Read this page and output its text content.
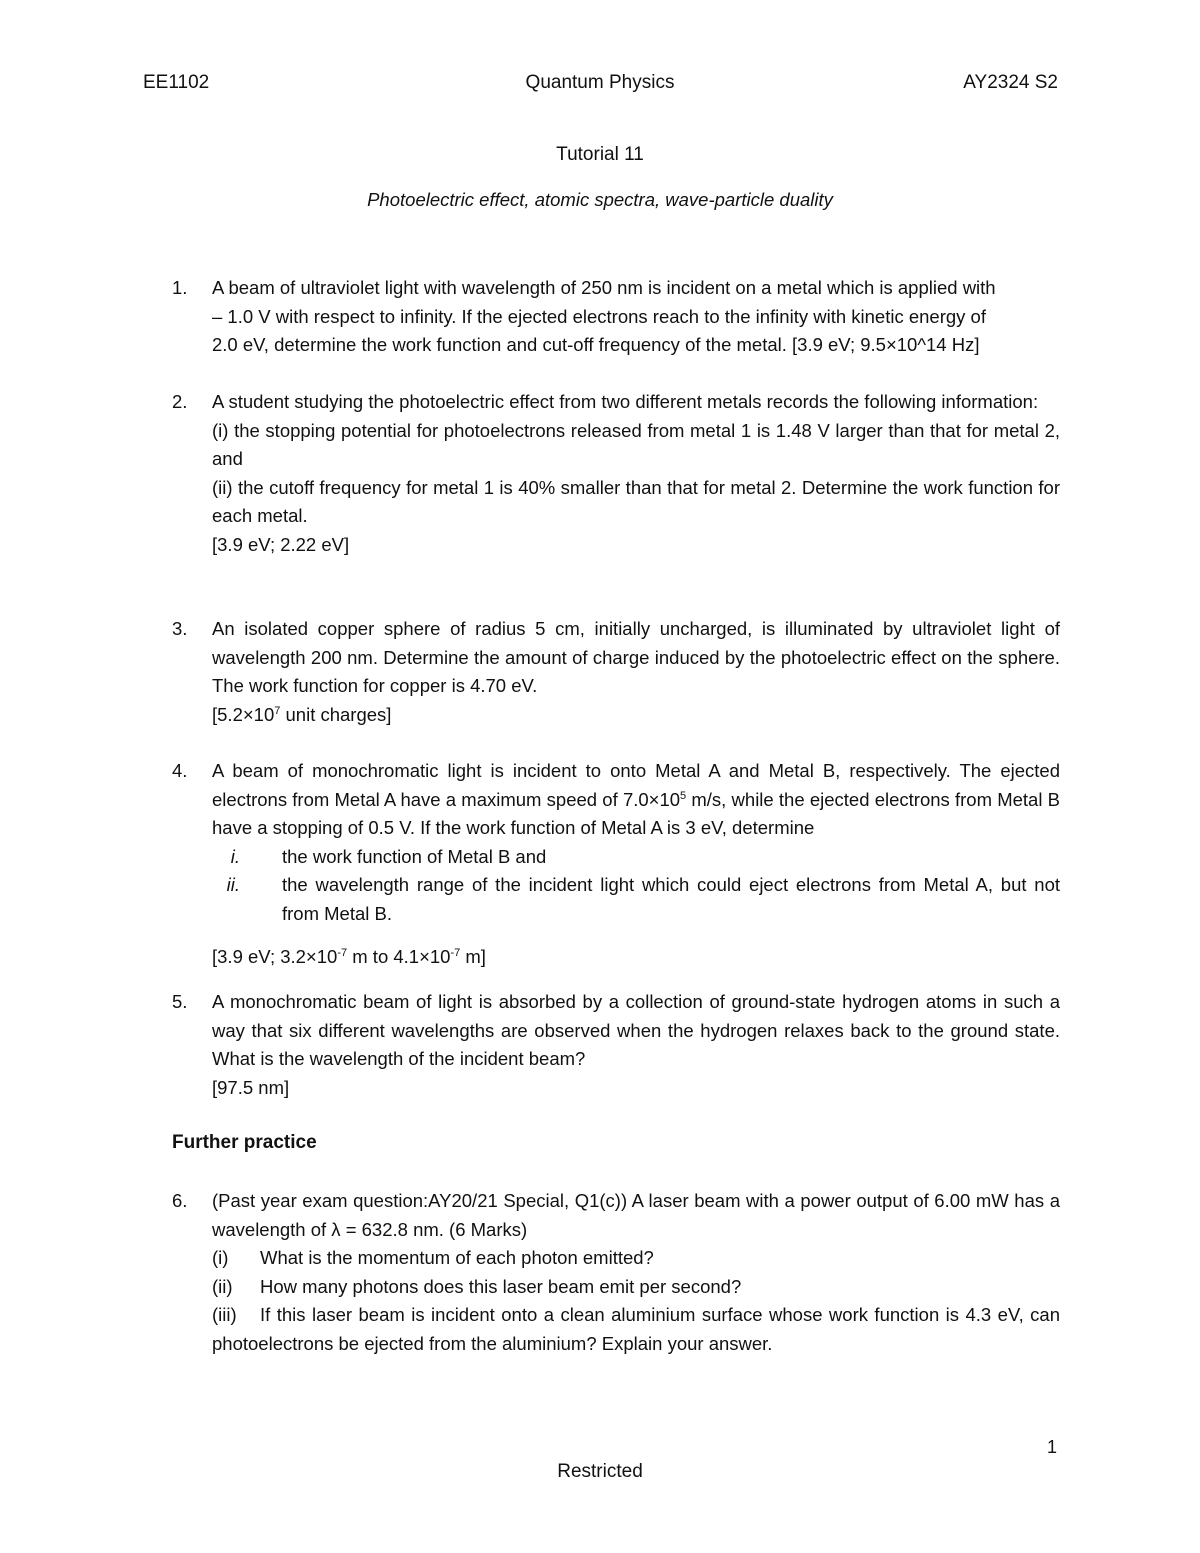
EE1102	Quantum Physics	AY2324 S2
Tutorial 11
Photoelectric effect, atomic spectra, wave-particle duality
1. A beam of ultraviolet light with wavelength of 250 nm is incident on a metal which is applied with
– 1.0 V with respect to infinity. If the ejected electrons reach to the infinity with kinetic energy of
2.0 eV, determine the work function and cut-off frequency of the metal. [3.9 eV; 9.5×10^14 Hz]
2. A student studying the photoelectric effect from two different metals records the following information:
(i) the stopping potential for photoelectrons released from metal 1 is 1.48 V larger than that for metal 2, and
(ii) the cutoff frequency for metal 1 is 40% smaller than that for metal 2. Determine the work function for each metal.
[3.9 eV; 2.22 eV]
3. An isolated copper sphere of radius 5 cm, initially uncharged, is illuminated by ultraviolet light of wavelength 200 nm. Determine the amount of charge induced by the photoelectric effect on the sphere. The work function for copper is 4.70 eV.
[$5.2\times 10^7$ unit charges]
4. A beam of monochromatic light is incident to onto Metal A and Metal B, respectively. The ejected electrons from Metal A have a maximum speed of $7.0\times 10^5$ m/s, while the ejected electrons from Metal B have a stopping of 0.5 V. If the work function of Metal A is 3 eV, determine
i. the work function of Metal B and
ii. the wavelength range of the incident light which could eject electrons from Metal A, but not from Metal B.
[3.9 eV; $3.2\times 10^{-7}$ m to $4.1\times 10^{-7}$ m]
5. A monochromatic beam of light is absorbed by a collection of ground-state hydrogen atoms in such a way that six different wavelengths are observed when the hydrogen relaxes back to the ground state. What is the wavelength of the incident beam?
[97.5 nm]
Further practice
6. (Past year exam question:AY20/21 Special, Q1(c)) A laser beam with a power output of 6.00 mW has a wavelength of λ = 632.8 nm. (6 Marks)
(i) What is the momentum of each photon emitted?
(ii) How many photons does this laser beam emit per second?
(iii) If this laser beam is incident onto a clean aluminium surface whose work function is 4.3 eV, can photoelectrons be ejected from the aluminium? Explain your answer.
1
Restricted
